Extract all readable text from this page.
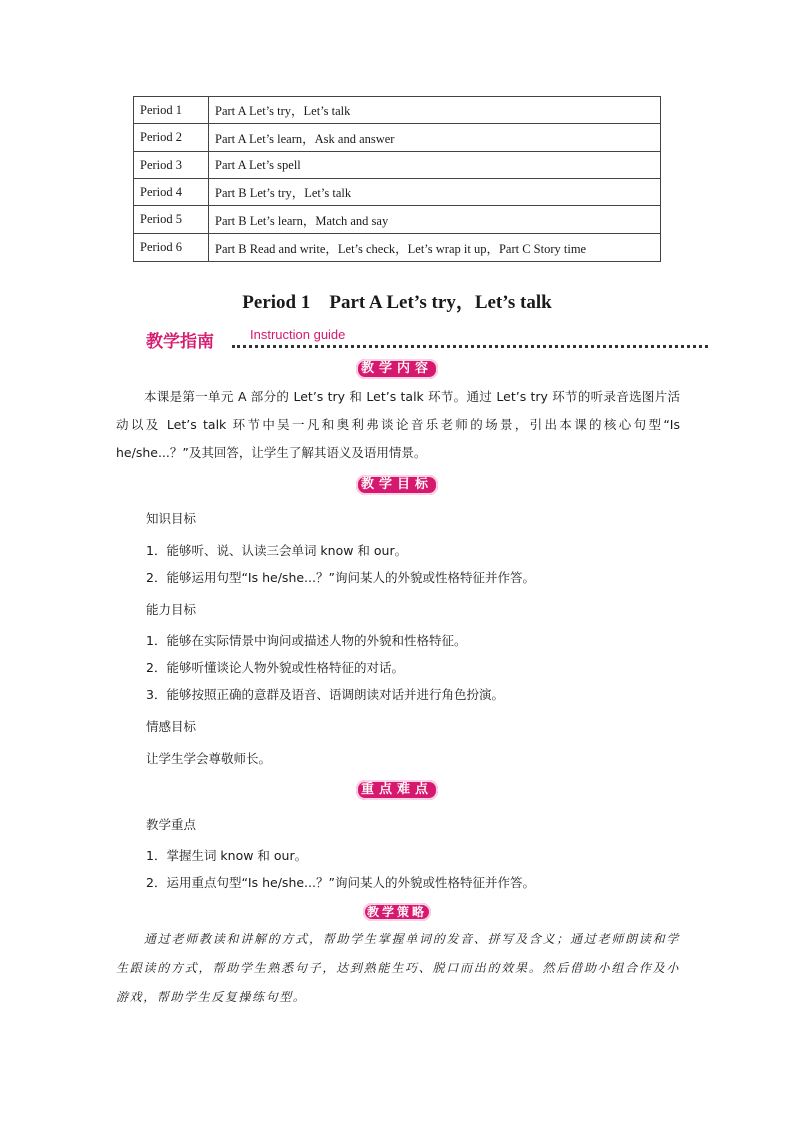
Period 1	Part A Let’s try，Let’s talk
Period 2	Part A Let’s learn，Ask and answer
Period 3	Part A Let’s spell
Period 4	Part B Let’s try，Let’s talk
Period 5	Part B Let’s learn，Match and say
Period 6	Part B Read and write，Let’s check，Let’s wrap it up，Part C Story time
Period 1　Part A Let’s try，Let’s talk
教学指南	Instruction guide
教学内容
本课是第一单元 A 部分的 Let’s try 和 Let’s talk 环节。通过 Let’s try 环节的听录音选图片活动以及 Let’s talk 环节中吴一凡和奥利弗谈论音乐老师的场景，引出本课的核心句型“Is he/she...？”及其回答，让学生了解其语义及语用情景。
教学目标
知识目标
1．能够听、说、认读三会单词 know 和 our。
2．能够运用句型“Is he/she...？”询问某人的外貌或性格特征并作答。
能力目标
1．能够在实际情景中询问或描述人物的外貌和性格特征。
2．能够听懂谈论人物外貌或性格特征的对话。
3．能够按照正确的意群及语音、语调朗读对话并进行角色扮演。
情感目标
让学生学会尊敬师长。
重点难点
教学重点
1．掌握生词 know 和 our。
2．运用重点句型“Is he/she...？”询问某人的外貌或性格特征并作答。
教学策略
通过老师教读和讲解的方式，帮助学生掌握单词的发音、拼写及含义；通过老师朗读和学生跟读的方式，帮助学生熟悉句子，达到熟能生巧、脱口而出的效果。然后借助小组合作及小游戏，帮助学生反复操练句型。
